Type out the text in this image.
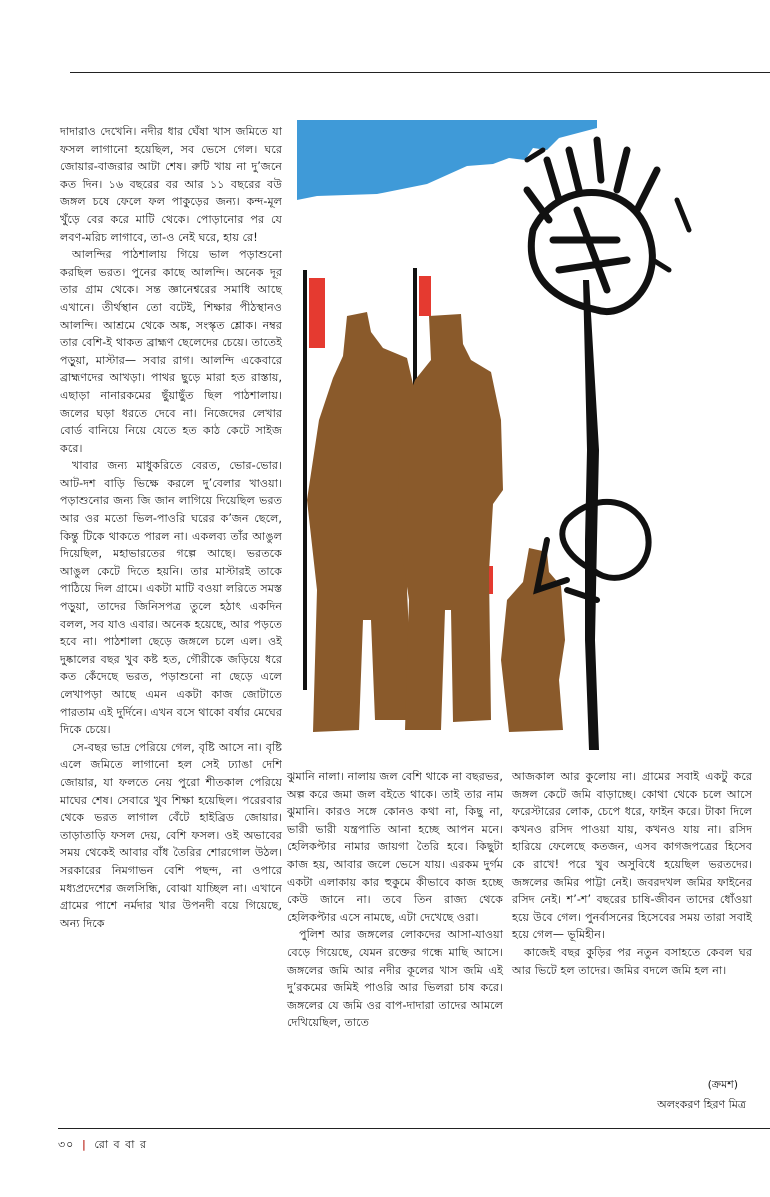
দাদারাও দেখেনি। নদীর ধার ঘেঁষা খাস জমিতে যা ফসল লাগানো হয়েছিল, সব ভেসে গেল। ঘরে জোয়ার-বাজরার আটা শেষ। রুটি খায় না দু’জনে কত দিন। ১৬ বছরের বর আর ১১ বছরের বউ জঙ্গল চষে ফেলে ফল পাকুড়ের জন্য। কন্দ-মূল খুঁড়ে বের করে মাটি থেকে। পোড়ানোর পর যে লবণ-মরিচ লাগাবে, তা-ও নেই ঘরে, হায় রে!

আলন্দির পাঠশালায় গিয়ে ভাল পড়াশুনো করছিল ভরত। পুনের কাছে আলন্দি। অনেক দূর তার গ্রাম থেকে। সন্ত জ্ঞানেশ্বরের সমাধি আছে এখানে। তীর্থস্থান তো বটেই, শিক্ষার পীঠস্থানও আলন্দি। আশ্রমে থেকে অঙ্ক, সংস্কৃত শ্লোক। নম্বর তার বেশি-ই থাকত ব্রাহ্মণ ছেলেদের চেয়ে। তাতেই পড়ুয়া, মাস্টার— সবার রাগ। আলন্দি একেবারে ব্রাহ্মণদের আখড়া। পাথর ছুড়ে মারা হত রাস্তায়, এছাড়া নানারকমের ছুঁয়াছুঁত ছিল পাঠশালায়। জলের ঘড়া ধরতে দেবে না। নিজেদের লেখার বোর্ড বানিয়ে নিয়ে যেতে হত কাঠ কেটে সাইজ করে।

খাবার জন্য মাধুকরিতে বেরত, ভোর-ভোর। আট-দশ বাড়ি ভিক্ষে করলে দু’বেলার খাওয়া। পড়াশুনোর জন্য জি জান লাগিয়ে দিয়েছিল ভরত আর ওর মতো ভিল-পাওরি ঘরের ক’জন ছেলে, কিন্তু টিকে থাকতে পারল না। একলব্য তাঁর আঙুল দিয়েছিল, মহাভারতের গল্পে আছে। ভরতকে আঙুল কেটে দিতে হয়নি। তার মাস্টারই তাকে পাঠিয়ে দিল গ্রামে। একটা মাটি বওয়া লরিতে সমস্ত পড়ুয়া, তাদের জিনিসপত্র তুলে হঠাৎ একদিন বলল, সব যাও এবার। অনেক হয়েছে, আর পড়তে হবে না। পাঠশালা ছেড়ে জঙ্গলে চলে এল। ওই দুষ্কালের বছর খুব কষ্ট হত, গৌরীকে জড়িয়ে ধরে কত কেঁদেছে ভরত, পড়াশুনো না ছেড়ে এলে লেখাপড়া আছে এমন একটা কাজ জোটাতে পারতাম এই দুর্দিনে। এখন বসে থাকো বর্ষার মেঘের দিকে চেয়ে।

সে-বছর ভাদ্র পেরিয়ে গেল, বৃষ্টি আসে না। বৃষ্টি এলে জমিতে লাগানো হল সেই ঢ্যাঙা দেশি জোয়ার, যা ফলতে নেয় পুরো শীতকাল পেরিয়ে মাঘের শেষ। সেবারে খুব শিক্ষা হয়েছিল। পরেরবার থেকে ভরত লাগাল বেঁটে হাইব্রিড জোয়ার। তাড়াতাড়ি ফসল দেয়, বেশি ফসল। ওই অভাবের সময় থেকেই আবার বাঁধ তৈরির শোরগোল উঠল। সরকারের নিমগাভন বেশি পছন্দ, না ওপারে মধ্যপ্রদেশের জলসিন্ধি, বোঝা যাচ্ছিল না। এখানে গ্রামের পাশে নর্মদার খার উপনদী বয়ে গিয়েছে, অন্য দিকে

ঝুমানি নালা। নালায় জল বেশি থাকে না বছরভর, অল্প করে জমা জল বইতে থাকে। তাই তার নাম ঝুমানি। কারও সঙ্গে কোনও কথা না, কিছু না, ভারী ভারী যন্ত্রপাতি আনা হচ্ছে আপন মনে। হেলিকপ্টার নামার জায়গা তৈরি হবে। কিছুটা কাজ হয়, আবার জলে ভেসে যায়। এরকম দুর্গম একটা এলাকায় কার হুকুমে কীভাবে কাজ হচ্ছে কেউ জানে না। তবে তিন রাজ্য থেকে হেলিকপ্টার এসে নামছে, এটা দেখেছে ওরা।

পুলিশ আর জঙ্গলের লোকদের আসা-যাওয়া বেড়ে গিয়েছে, যেমন রক্তের গন্ধে মাছি আসে। জঙ্গলের জমি আর নদীর কূলের খাস জমি এই দু’রকমের জমিই পাওরি আর ভিলরা চাষ করে। জঙ্গলের যে জমি ওর বাপ-দাদারা তাদের আমলে দেখিয়েছিল, তাতে

আজকাল আর কুলোয় না। গ্রামের সবাই একটু করে জঙ্গল কেটে জমি বাড়াচ্ছে। কোথা থেকে চলে আসে ফরেস্টারের লোক, চেপে ধরে, ফাইন করে। টাকা দিলে কখনও রসিদ পাওয়া যায়, কখনও যায় না। রসিদ হারিয়ে ফেলেছে কতজন, এসব কাগজপত্রের হিসেব কে রাখে! পরে খুব অসুবিধে হয়েছিল ভরতদের। জঙ্গলের জমির পাট্টা নেই। জবরদখল জমির ফাইনের রসিদ নেই। শ’-শ’ বছরের চাষি-জীবন তাদের ধোঁওয়া হয়ে উবে গেল। পুনর্বাসনের হিসেবের সময় তারা সবাই হয়ে গেল— ভূমিহীন।

কাজেই বছর কুড়ির পর নতুন বসাহতে কেবল ঘর আর ভিটে হল তাদের। জমির বদলে জমি হল না।

(ক্রমশ)
অলংকরণ হিরণ মিত্র
৩০ | রো ব বা র
